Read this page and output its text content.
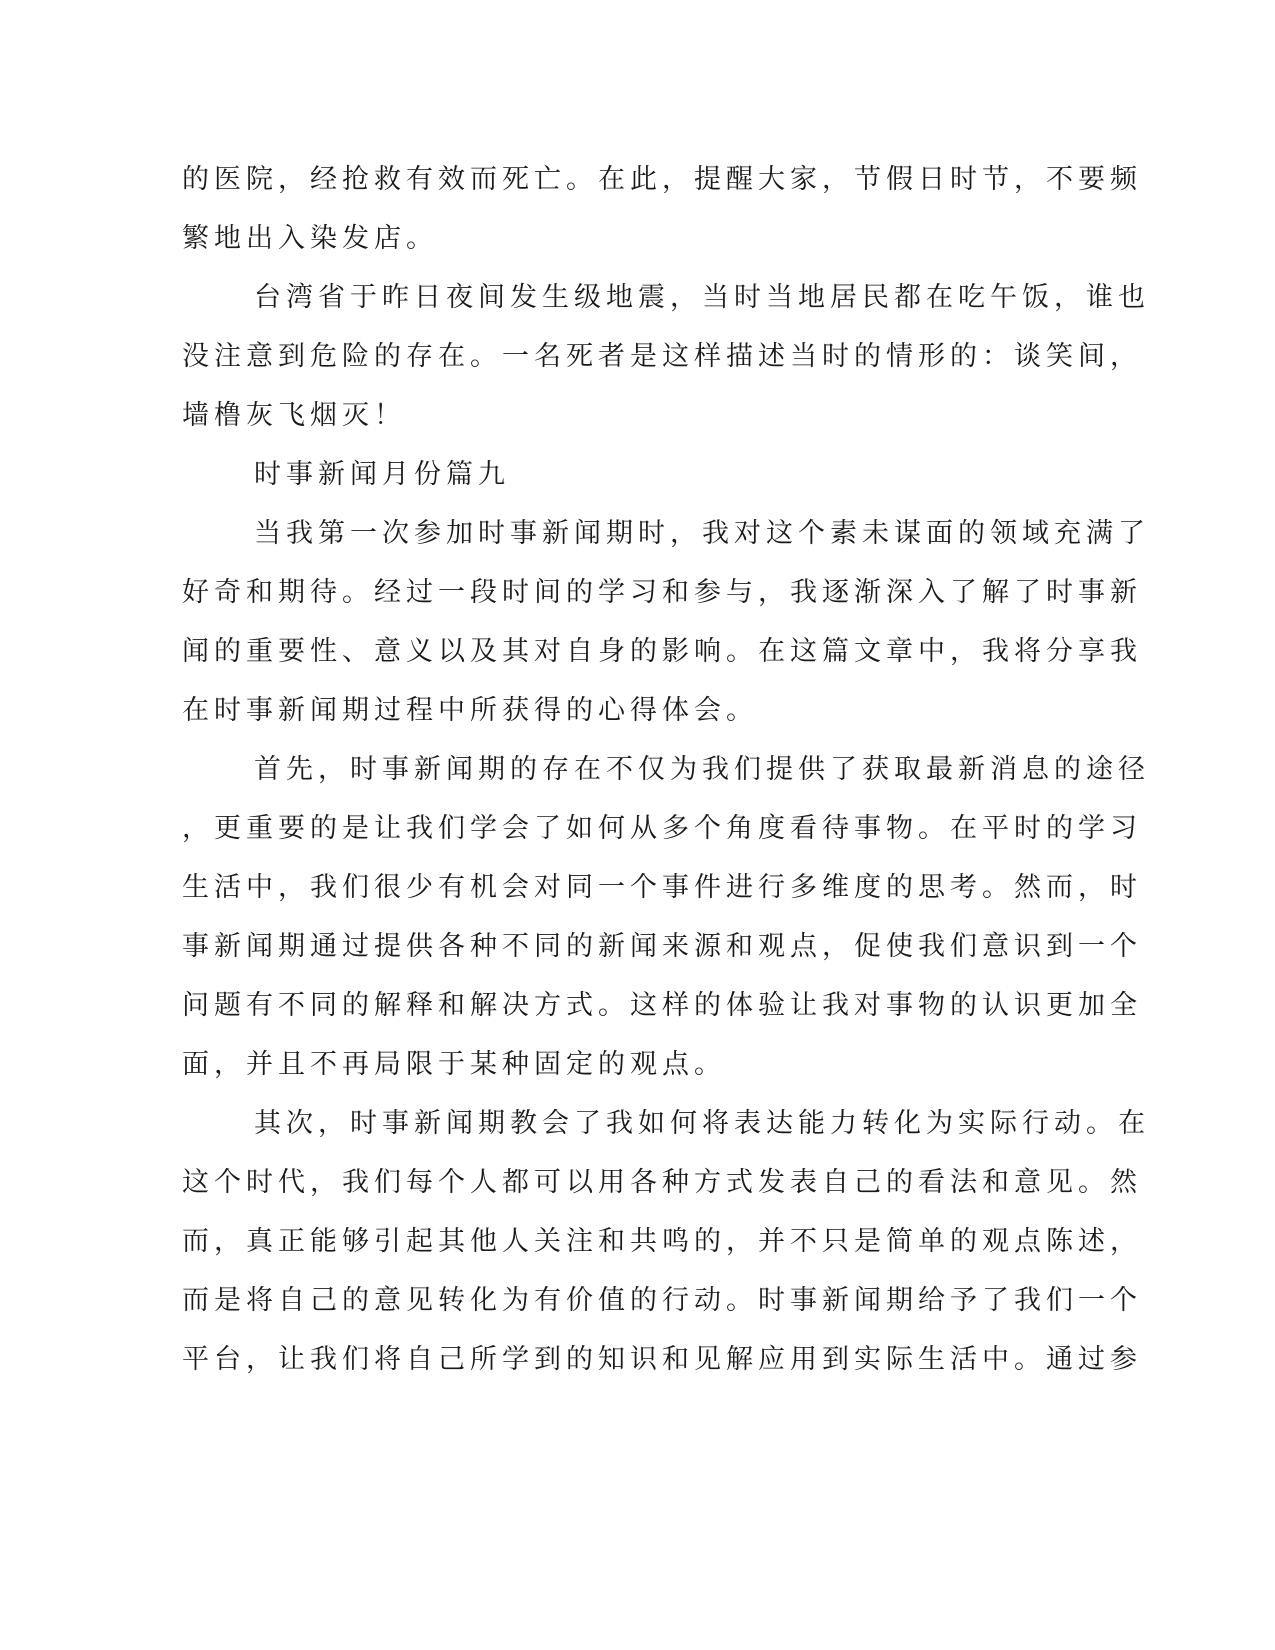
的医院，经抢救有效而死亡。在此，提醒大家，节假日时节，不要频
繁地出入染发店。
台湾省于昨日夜间发生级地震，当时当地居民都在吃午饭，谁也
没注意到危险的存在。一名死者是这样描述当时的情形的：谈笑间，
墙橹灰飞烟灭！
时事新闻月份篇九
当我第一次参加时事新闻期时，我对这个素未谋面的领域充满了
好奇和期待。经过一段时间的学习和参与，我逐渐深入了解了时事新
闻的重要性、意义以及其对自身的影响。在这篇文章中，我将分享我
在时事新闻期过程中所获得的心得体会。
首先，时事新闻期的存在不仅为我们提供了获取最新消息的途径
，更重要的是让我们学会了如何从多个角度看待事物。在平时的学习
生活中，我们很少有机会对同一个事件进行多维度的思考。然而，时
事新闻期通过提供各种不同的新闻来源和观点，促使我们意识到一个
问题有不同的解释和解决方式。这样的体验让我对事物的认识更加全
面，并且不再局限于某种固定的观点。
其次，时事新闻期教会了我如何将表达能力转化为实际行动。在
这个时代，我们每个人都可以用各种方式发表自己的看法和意见。然
而，真正能够引起其他人关注和共鸣的，并不只是简单的观点陈述，
而是将自己的意见转化为有价值的行动。时事新闻期给予了我们一个
平台，让我们将自己所学到的知识和见解应用到实际生活中。通过参
